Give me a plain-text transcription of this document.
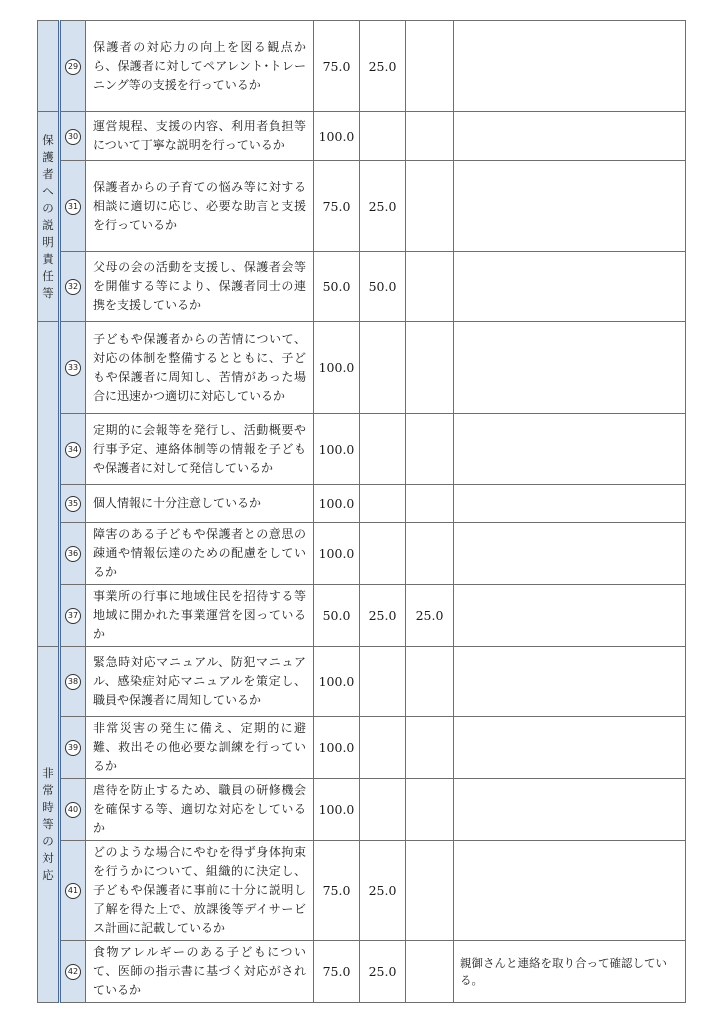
	29	保護者の対応力の向上を図る観点から、保護者に対してペアレント･トレーニング等の支援を行っているか	75.0	25.0		
保護者への説明責任等	30	運営規程、支援の内容、利用者負担等について丁寧な説明を行っているか	100.0			
	31	保護者からの子育ての悩み等に対する相談に適切に応じ、必要な助言と支援を行っているか	75.0	25.0		
	32	父母の会の活動を支援し、保護者会等を開催する等により、保護者同士の連携を支援しているか	50.0	50.0		
	33	子どもや保護者からの苦情について、対応の体制を整備するとともに、子どもや保護者に周知し、苦情があった場合に迅速かつ適切に対応しているか	100.0			
	34	定期的に会報等を発行し、活動概要や行事予定、連絡体制等の情報を子どもや保護者に対して発信しているか	100.0			
	35	個人情報に十分注意しているか	100.0			
	36	障害のある子どもや保護者との意思の疎通や情報伝達のための配慮をしているか	100.0			
	37	事業所の行事に地域住民を招待する等地域に開かれた事業運営を図っているか	50.0	25.0	25.0	
非常時等の対応	38	緊急時対応マニュアル、防犯マニュアル、感染症対応マニュアルを策定し、職員や保護者に周知しているか	100.0			
	39	非常災害の発生に備え、定期的に避難、救出その他必要な訓練を行っているか	100.0			
	40	虐待を防止するため、職員の研修機会を確保する等、適切な対応をしているか	100.0			
	41	どのような場合にやむを得ず身体拘束を行うかについて、組織的に決定し、子どもや保護者に事前に十分に説明し了解を得た上で、放課後等デイサービス計画に記載しているか	75.0	25.0		
	42	食物アレルギーのある子どもについて、医師の指示書に基づく対応がされているか	75.0	25.0		親御さんと連絡を取り合って確認している。
